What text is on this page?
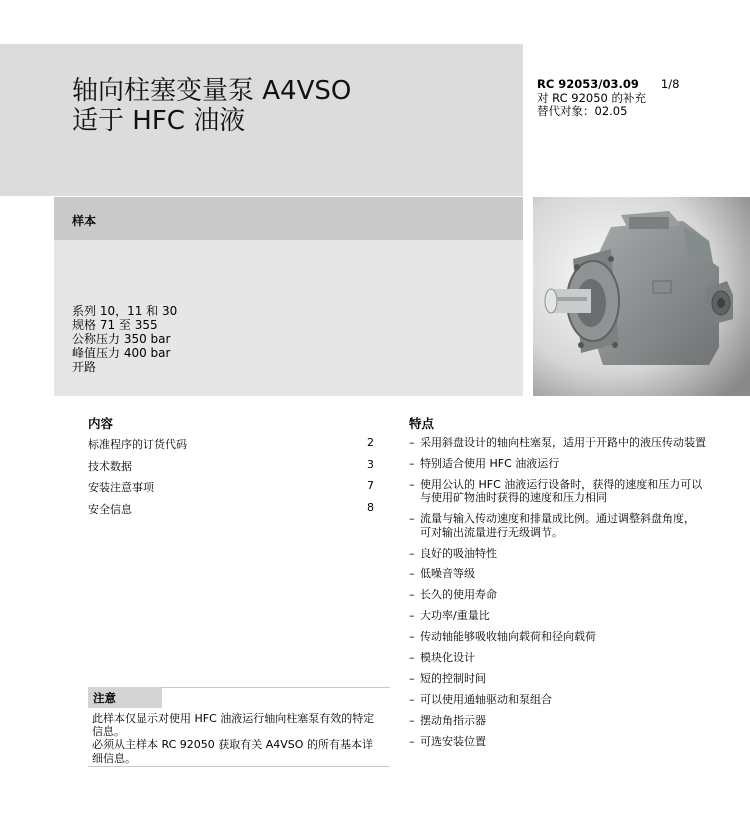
轴向柱塞变量泵 A4VSO
适于 HFC 油液
RC 92053/03.09 1/8
对 RC 92050 的补充
替代对象：02.05
样本
系列 10，11 和 30
规格 71 至 355
公称压力 350 bar
峰值压力 400 bar
开路
内容
标准程序的订货代码	2
技术数据	3
安装注意事项	7
安全信息	8
特点
– 采用斜盘设计的轴向柱塞泵，适用于开路中的液压传动装置
– 特别适合使用 HFC 油液运行
– 使用公认的 HFC 油液运行设备时，获得的速度和压力可以
与使用矿物油时获得的速度和压力相同
– 流量与输入传动速度和排量成比例。通过调整斜盘角度，
可对输出流量进行无级调节。
– 良好的吸油特性
– 低噪音等级
– 长久的使用寿命
– 大功率/重量比
– 传动轴能够吸收轴向载荷和径向载荷
– 模块化设计
– 短的控制时间
– 可以使用通轴驱动和泵组合
– 摆动角指示器
– 可选安装位置
注意
此样本仅显示对使用 HFC 油液运行轴向柱塞泵有效的特定
信息。
必须从主样本 RC 92050 获取有关 A4VSO 的所有基本详
细信息。
